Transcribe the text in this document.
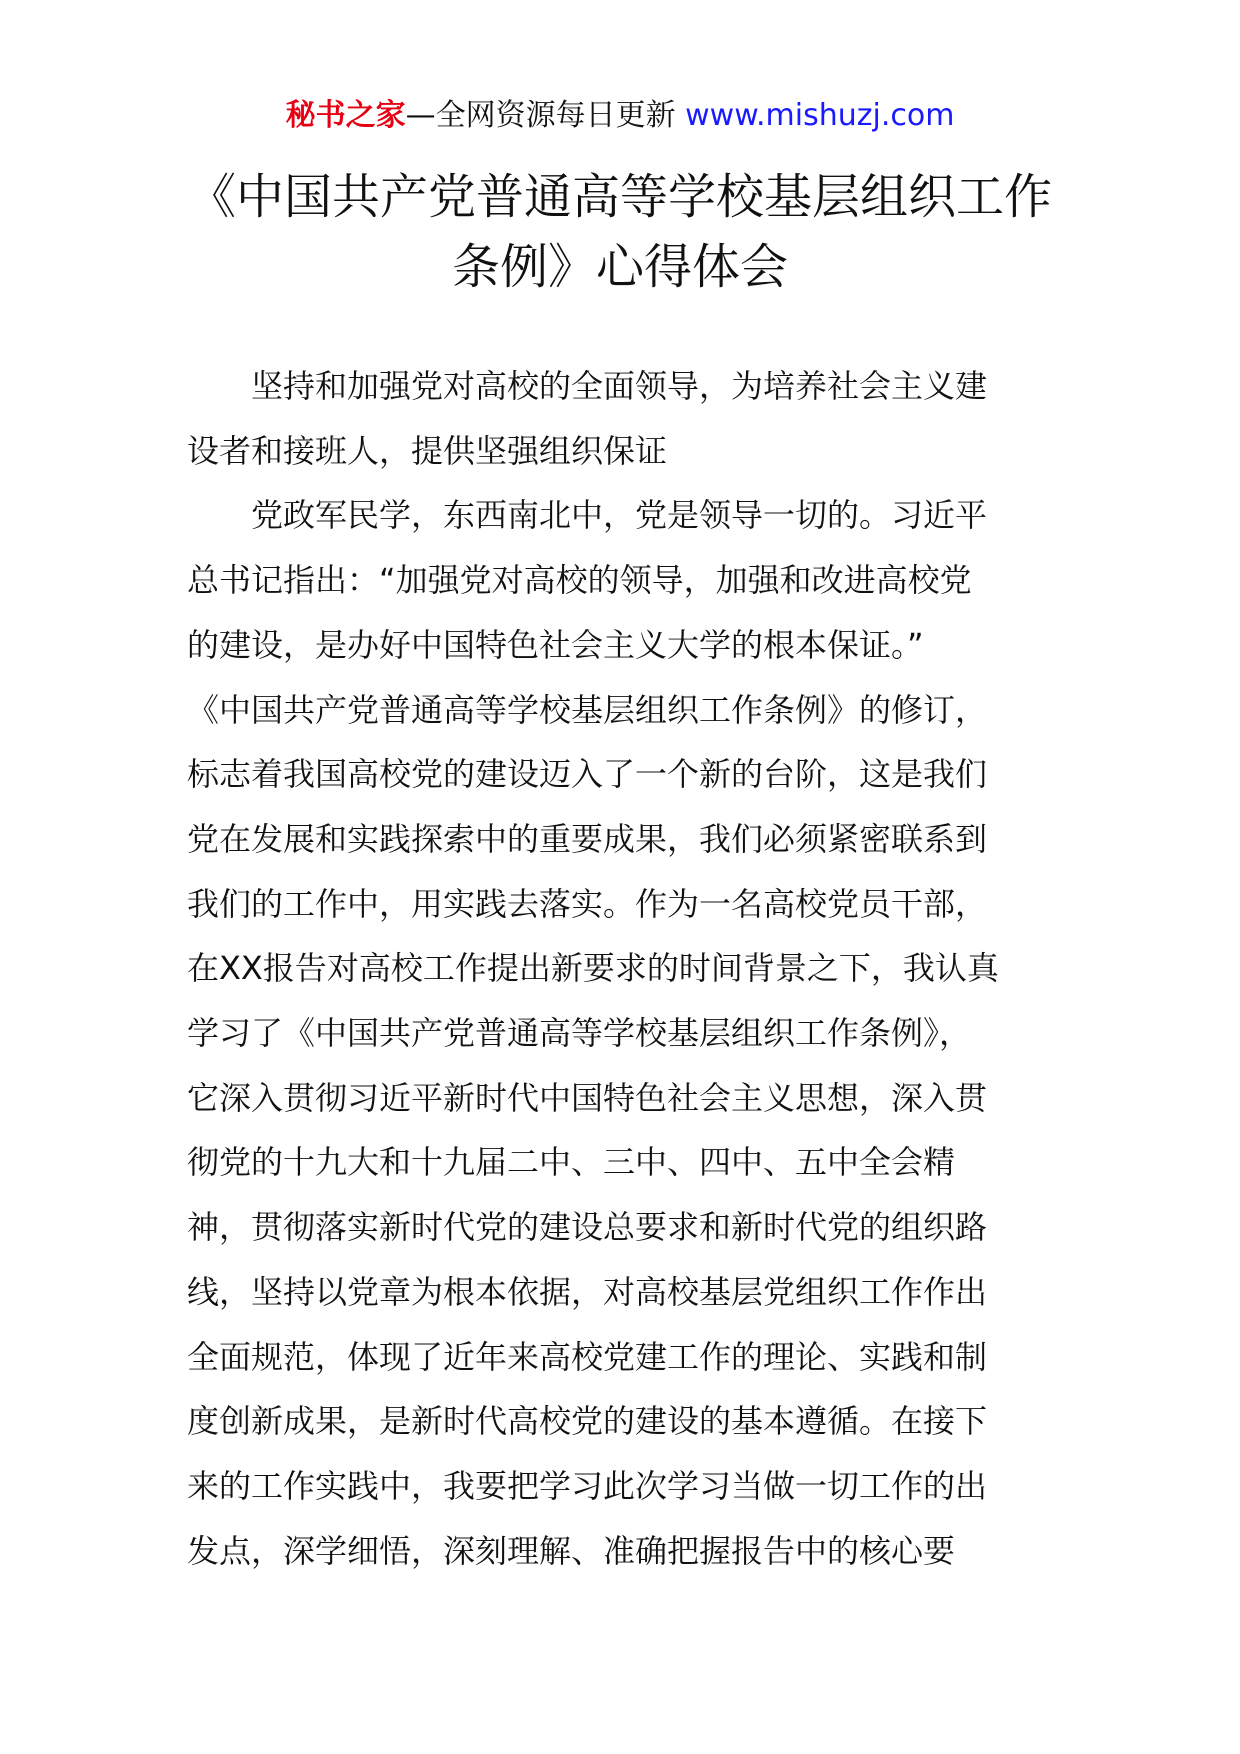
秘书之家—全网资源每日更新 www.mishuzj.com
《中国共产党普通高等学校基层组织工作
条例》心得体会
坚持和加强党对高校的全面领导，为培养社会主义建
设者和接班人，提供坚强组织保证
党政军民学，东西南北中，党是领导一切的。习近平
总书记指出：“加强党对高校的领导，加强和改进高校党
的建设，是办好中国特色社会主义大学的根本保证。”
《中国共产党普通高等学校基层组织工作条例》的修订，
标志着我国高校党的建设迈入了一个新的台阶，这是我们
党在发展和实践探索中的重要成果，我们必须紧密联系到
我们的工作中，用实践去落实。作为一名高校党员干部，
在XX报告对高校工作提出新要求的时间背景之下，我认真
学习了《中国共产党普通高等学校基层组织工作条例》，
它深入贯彻习近平新时代中国特色社会主义思想，深入贯
彻党的十九大和十九届二中、三中、四中、五中全会精
神，贯彻落实新时代党的建设总要求和新时代党的组织路
线，坚持以党章为根本依据，对高校基层党组织工作作出
全面规范，体现了近年来高校党建工作的理论、实践和制
度创新成果，是新时代高校党的建设的基本遵循。在接下
来的工作实践中，我要把学习此次学习当做一切工作的出
发点，深学细悟，深刻理解、准确把握报告中的核心要
